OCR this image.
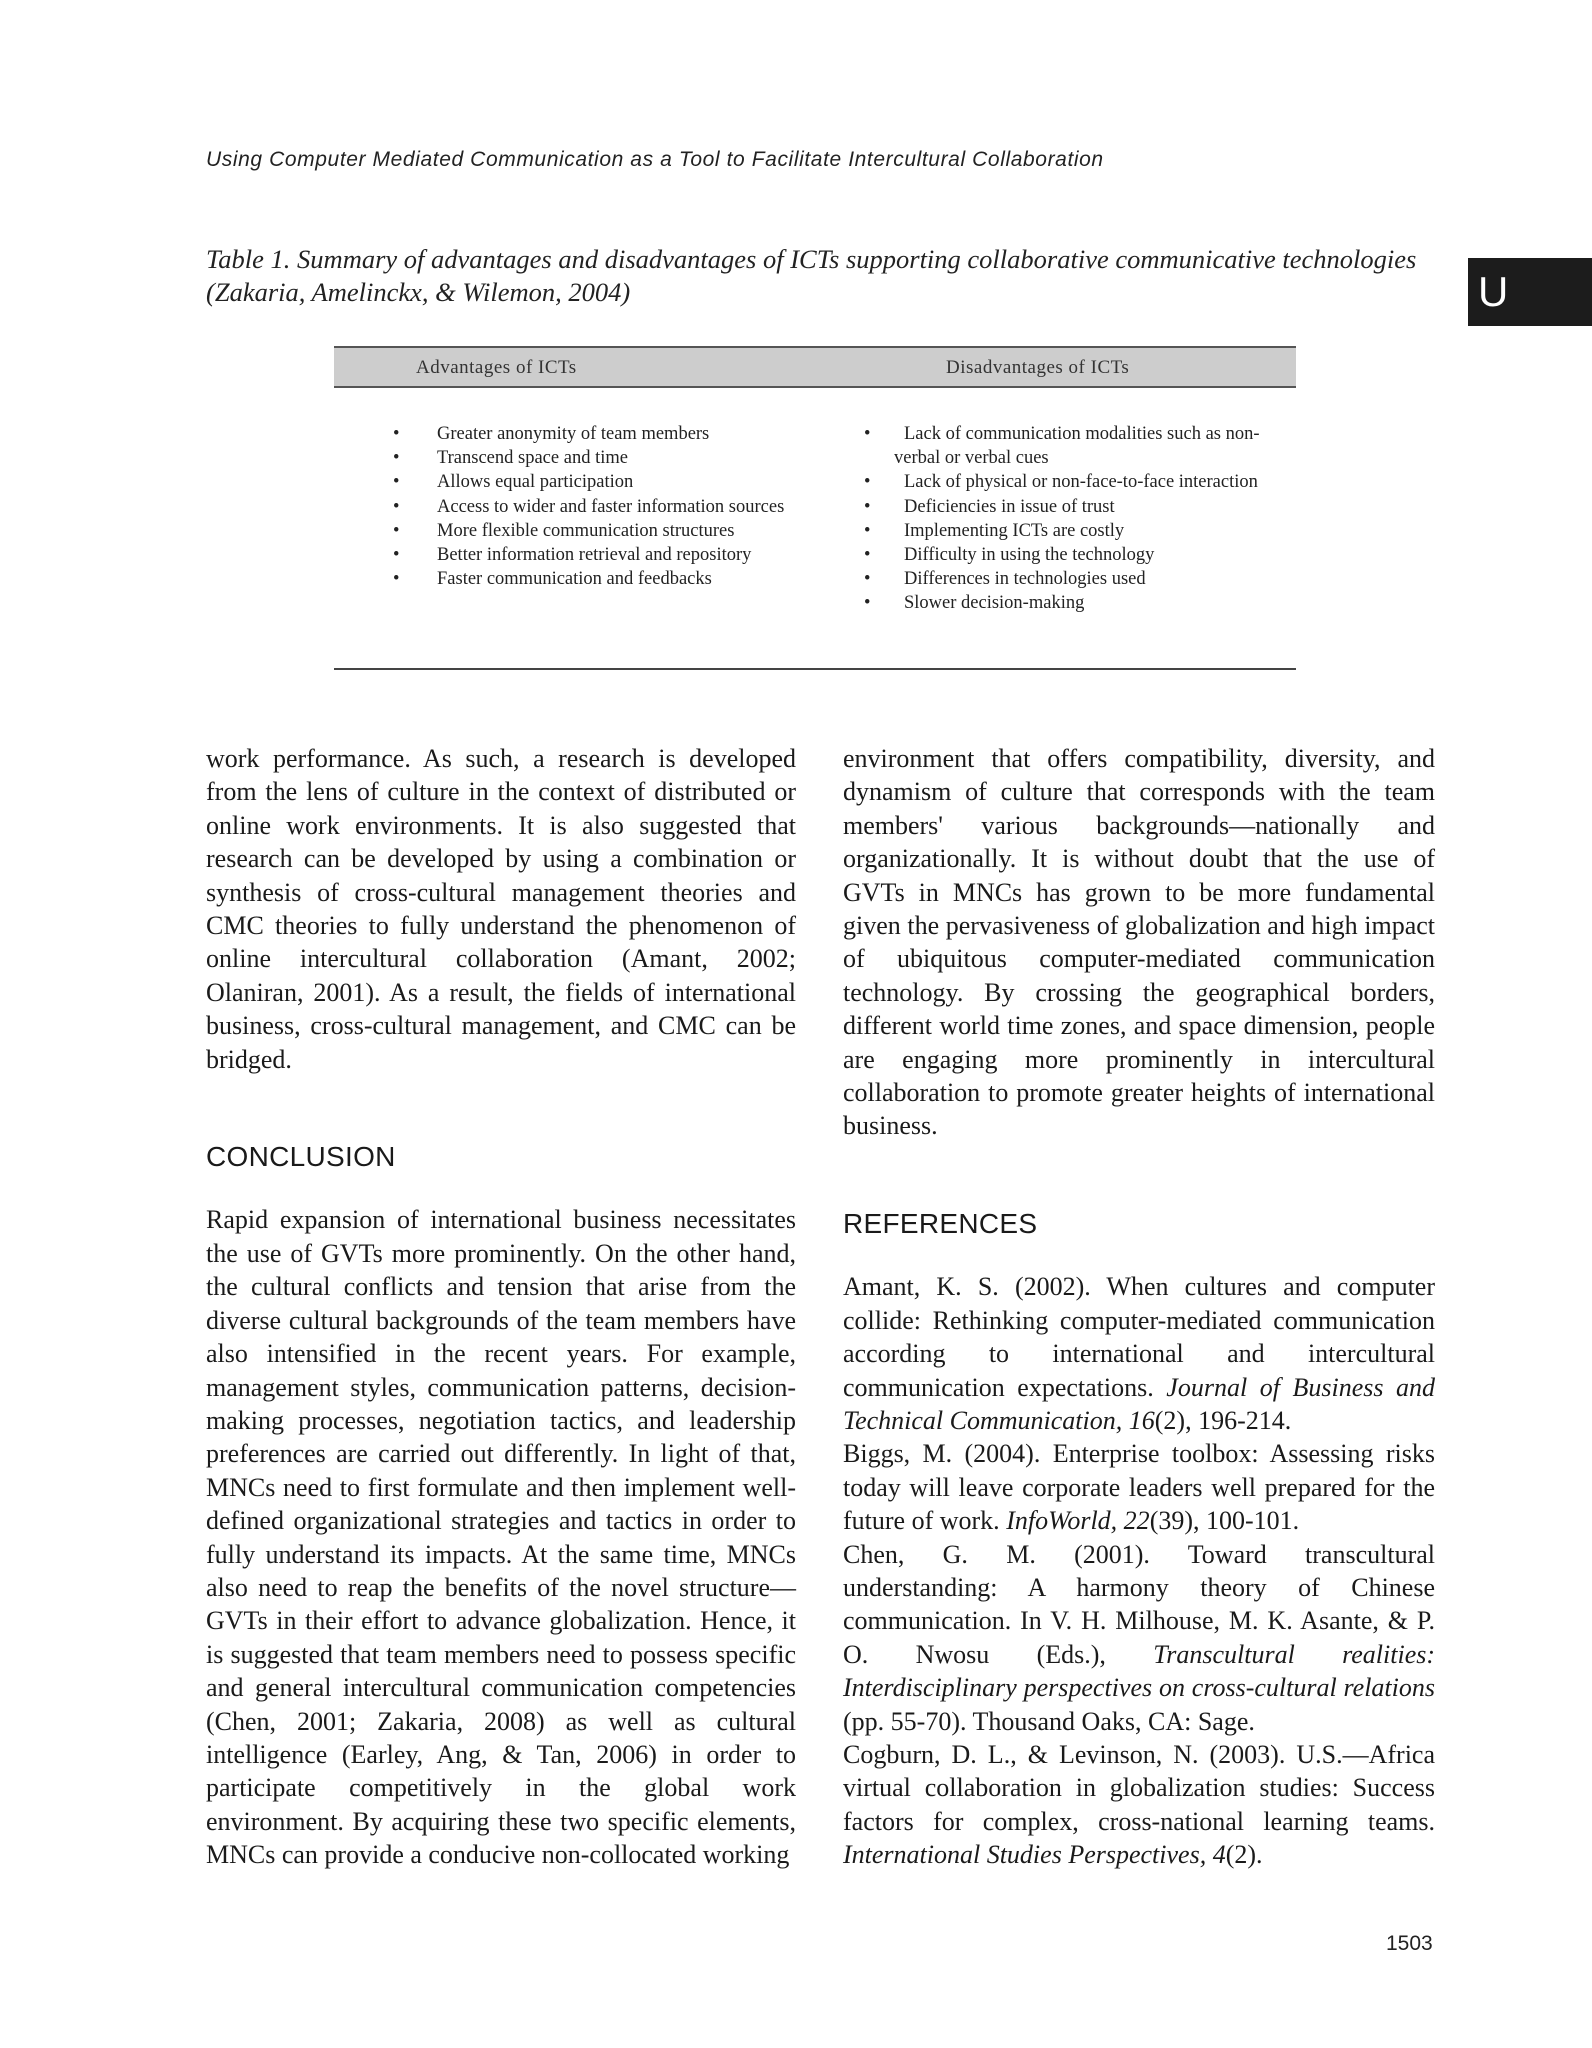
Using Computer Mediated Communication as a Tool to Facilitate Intercultural Collaboration
U
Table 1. Summary of advantages and disadvantages of ICTs supporting collaborative communicative technologies (Zakaria, Amelinckx, & Wilemon, 2004)
Advantages of ICTs	Disadvantages of ICTs
• Greater anonymity of team members
• Transcend space and time
• Allows equal participation
• Access to wider and faster information sources
• More flexible communication structures
• Better information retrieval and repository
• Faster communication and feedbacks
• Lack of communication modalities such as non-verbal or verbal cues
• Lack of physical or non-face-to-face interaction
• Deficiencies in issue of trust
• Implementing ICTs are costly
• Difficulty in using the technology
• Differences in technologies used
• Slower decision-making

work performance. As such, a research is developed from the lens of culture in the context of distributed or online work environments. It is also suggested that research can be developed by using a combination or synthesis of cross-cultural management theories and CMC theories to fully understand the phenomenon of online intercultural collaboration (Amant, 2002; Olaniran, 2001). As a result, the fields of international business, cross-cultural management, and CMC can be bridged.

CONCLUSION

Rapid expansion of international business necessitates the use of GVTs more prominently. On the other hand, the cultural conflicts and tension that arise from the diverse cultural backgrounds of the team members have also intensified in the recent years. For example, management styles, communication patterns, decision-making processes, negotiation tactics, and leadership preferences are carried out differently. In light of that, MNCs need to first formulate and then implement well-defined organizational strategies and tactics in order to fully understand its impacts. At the same time, MNCs also need to reap the benefits of the novel structure—GVTs in their effort to advance globalization. Hence, it is suggested that team members need to possess specific and general intercultural communication competencies (Chen, 2001; Zakaria, 2008) as well as cultural intelligence (Earley, Ang, & Tan, 2006) in order to participate competitively in the global work environment. By acquiring these two specific elements, MNCs can provide a conducive non-collocated working

environment that offers compatibility, diversity, and dynamism of culture that corresponds with the team members' various backgrounds—nationally and organizationally. It is without doubt that the use of GVTs in MNCs has grown to be more fundamental given the pervasiveness of globalization and high impact of ubiquitous computer-mediated communication technology. By crossing the geographical borders, different world time zones, and space dimension, people are engaging more prominently in intercultural collaboration to promote greater heights of international business.

REFERENCES

Amant, K. S. (2002). When cultures and computer collide: Rethinking computer-mediated communication according to international and intercultural communication expectations. Journal of Business and Technical Communication, 16(2), 196-214.

Biggs, M. (2004). Enterprise toolbox: Assessing risks today will leave corporate leaders well prepared for the future of work. InfoWorld, 22(39), 100-101.

Chen, G. M. (2001). Toward transcultural understanding: A harmony theory of Chinese communication. In V. H. Milhouse, M. K. Asante, & P. O. Nwosu (Eds.), Transcultural realities: Interdisciplinary perspectives on cross-cultural relations (pp. 55-70). Thousand Oaks, CA: Sage.

Cogburn, D. L., & Levinson, N. (2003). U.S.—Africa virtual collaboration in globalization studies: Success factors for complex, cross-national learning teams. International Studies Perspectives, 4(2).

1503
